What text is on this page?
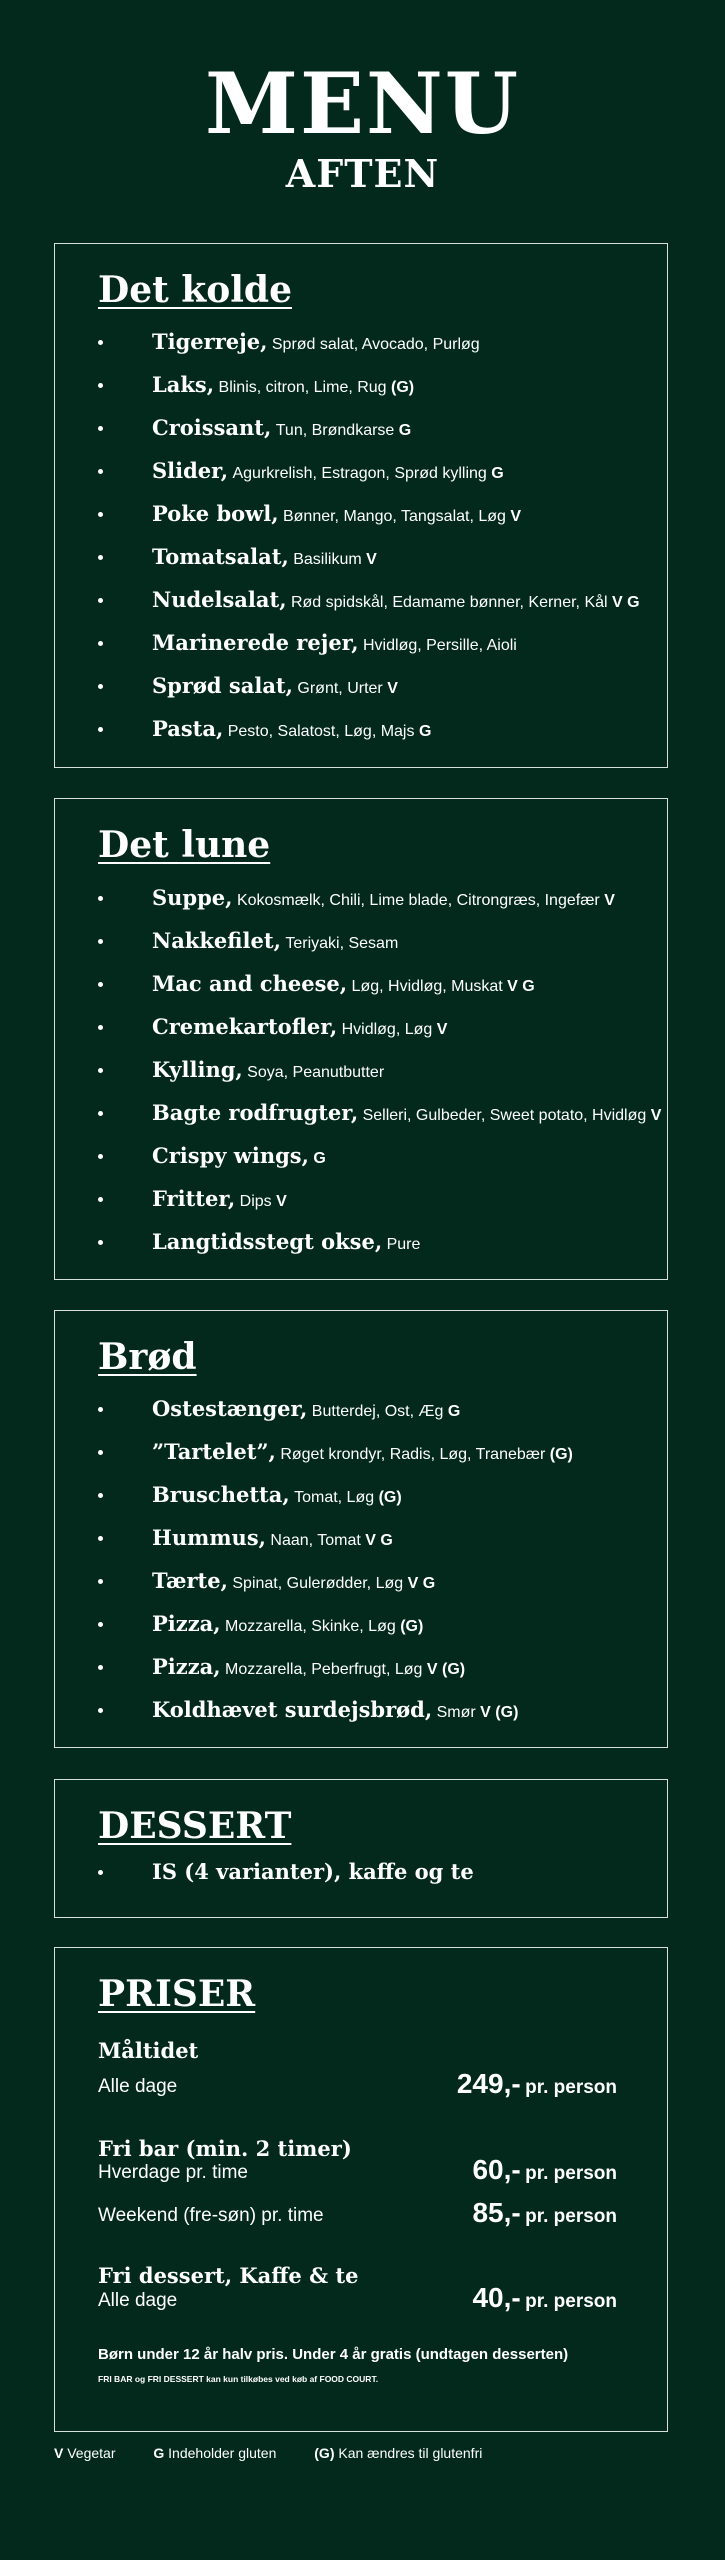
MENU
AFTEN
Det kolde
Tigerreje, Sprød salat, Avocado, Purløg
Laks, Blinis, citron, Lime, Rug (G)
Croissant, Tun, Brøndkarse G
Slider, Agurkrelish, Estragon, Sprød kylling G
Poke bowl, Bønner, Mango, Tangsalat, Løg V
Tomatsalat, Basilikum V
Nudelsalat, Rød spidskål, Edamame bønner, Kerner, Kål V G
Marinerede rejer, Hvidløg, Persille, Aioli
Sprød salat, Grønt, Urter V
Pasta, Pesto, Salatost, Løg, Majs G
Det lune
Suppe, Kokosmælk, Chili, Lime blade, Citrongræs, Ingefær V
Nakkefilet, Teriyaki, Sesam
Mac and cheese, Løg, Hvidløg, Muskat V G
Cremekartofler, Hvidløg, Løg V
Kylling, Soya, Peanutbutter
Bagte rodfrugter, Selleri, Gulbeder, Sweet potato, Hvidløg V
Crispy wings, G
Fritter, Dips V
Langtidsstegt okse, Pure
Brød
Ostestænger, Butterdej, Ost, Æg G
”Tartelet”, Røget krondyr, Radis, Løg, Tranebær (G)
Bruschetta, Tomat, Løg (G)
Hummus, Naan, Tomat V G
Tærte, Spinat, Gulerødder, Løg V G
Pizza, Mozzarella, Skinke, Løg (G)
Pizza, Mozzarella, Peberfrugt, Løg V (G)
Koldhævet surdejsbrød, Smør V (G)
DESSERT
IS (4 varianter), kaffe og te
PRISER
Måltidet
Alle dage	249,- pr. person
Fri bar (min. 2 timer)
Hverdage pr. time	60,- pr. person
Weekend (fre-søn) pr. time	85,- pr. person
Fri dessert, Kaffe & te
Alle dage	40,- pr. person
Børn under 12 år halv pris. Under 4 år gratis (undtagen desserten)
FRI BAR og FRI DESSERT kan kun tilkøbes ved køb af FOOD COURT.
V Vegetar	G Indeholder gluten	(G) Kan ændres til glutenfri
